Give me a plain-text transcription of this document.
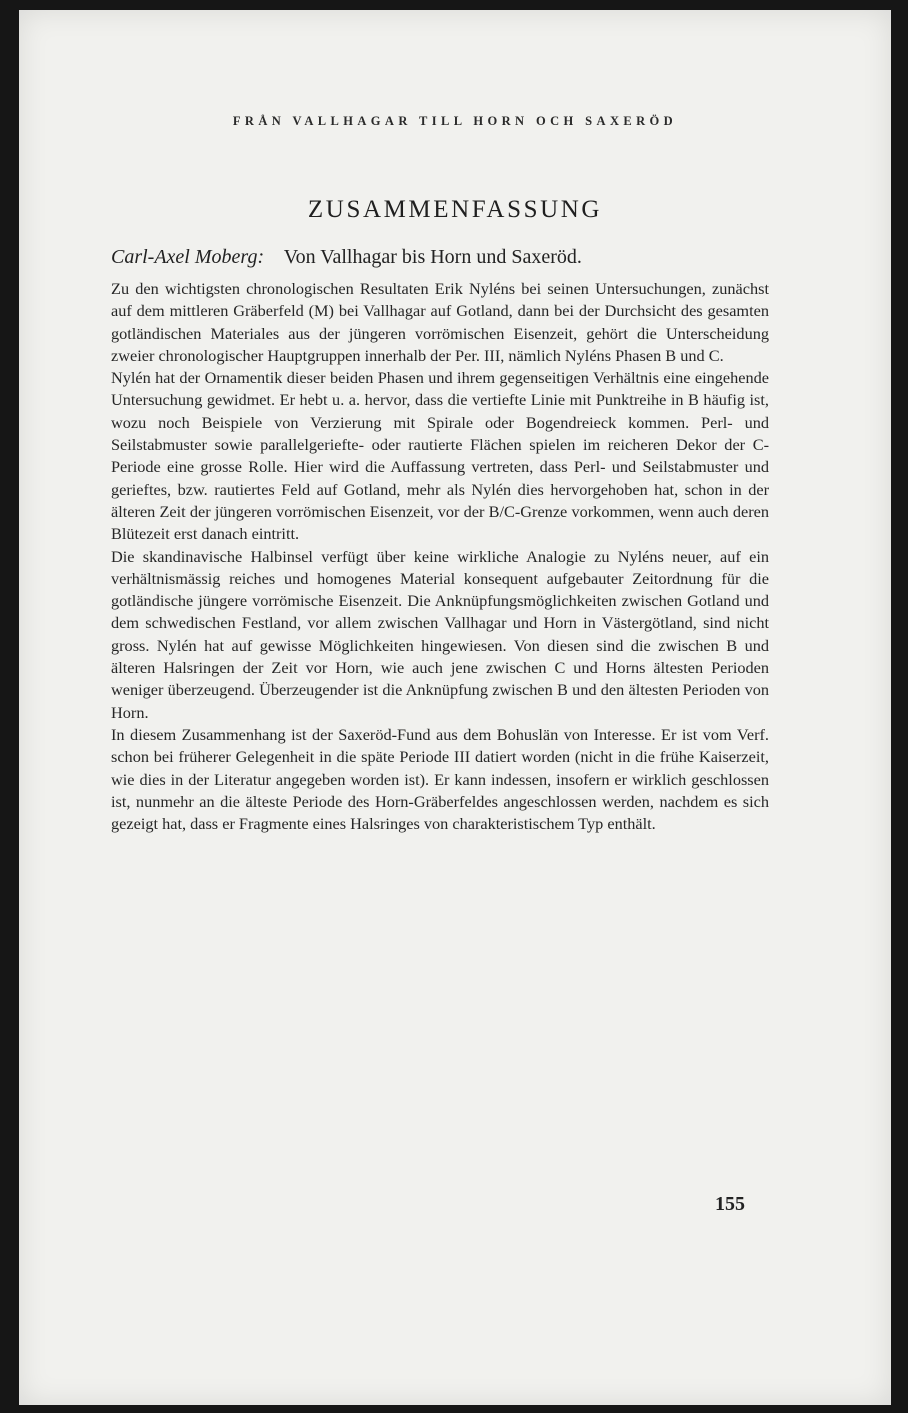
FRÅN VALLHAGAR TILL HORN OCH SAXERÖD
ZUSAMMENFASSUNG
Carl-Axel Moberg: Von Vallhagar bis Horn und Saxeröd.

Zu den wichtigsten chronologischen Resultaten Erik Nyléns bei seinen Untersuchungen, zunächst auf dem mittleren Gräberfeld (M) bei Vallhagar auf Gotland, dann bei der Durchsicht des gesamten gotländischen Materiales aus der jüngeren vorrömischen Eisenzeit, gehört die Unterscheidung zweier chronologischer Hauptgruppen innerhalb der Per. III, nämlich Nyléns Phasen B und C.

Nylén hat der Ornamentik dieser beiden Phasen und ihrem gegenseitigen Verhältnis eine eingehende Untersuchung gewidmet. Er hebt u. a. hervor, dass die vertiefte Linie mit Punktreihe in B häufig ist, wozu noch Beispiele von Verzierung mit Spirale oder Bogendreieck kommen. Perl- und Seilstabmuster sowie parallelgeriefte- oder rautierte Flächen spielen im reicheren Dekor der C-Periode eine grosse Rolle. Hier wird die Auffassung vertreten, dass Perl- und Seilstabmuster und gerieftes, bzw. rautiertes Feld auf Gotland, mehr als Nylén dies hervorgehoben hat, schon in der älteren Zeit der jüngeren vorrömischen Eisenzeit, vor der B/C-Grenze vorkommen, wenn auch deren Blütezeit erst danach eintritt.

Die skandinavische Halbinsel verfügt über keine wirkliche Analogie zu Nyléns neuer, auf ein verhältnismässig reiches und homogenes Material konsequent aufgebauter Zeitordnung für die gotländische jüngere vorrömische Eisenzeit. Die Anknüpfungsmöglichkeiten zwischen Gotland und dem schwedischen Festland, vor allem zwischen Vallhagar und Horn in Västergötland, sind nicht gross. Nylén hat auf gewisse Möglichkeiten hingewiesen. Von diesen sind die zwischen B und älteren Halsringen der Zeit vor Horn, wie auch jene zwischen C und Horns ältesten Perioden weniger überzeugend. Überzeugender ist die Anknüpfung zwischen B und den ältesten Perioden von Horn.

In diesem Zusammenhang ist der Saxeröd-Fund aus dem Bohuslän von Interesse. Er ist vom Verf. schon bei früherer Gelegenheit in die späte Periode III datiert worden (nicht in die frühe Kaiserzeit, wie dies in der Literatur angegeben worden ist). Er kann indessen, insofern er wirklich geschlossen ist, nunmehr an die älteste Periode des Horn-Gräberfeldes angeschlossen werden, nachdem es sich gezeigt hat, dass er Fragmente eines Halsringes von charakteristischem Typ enthält.

155
